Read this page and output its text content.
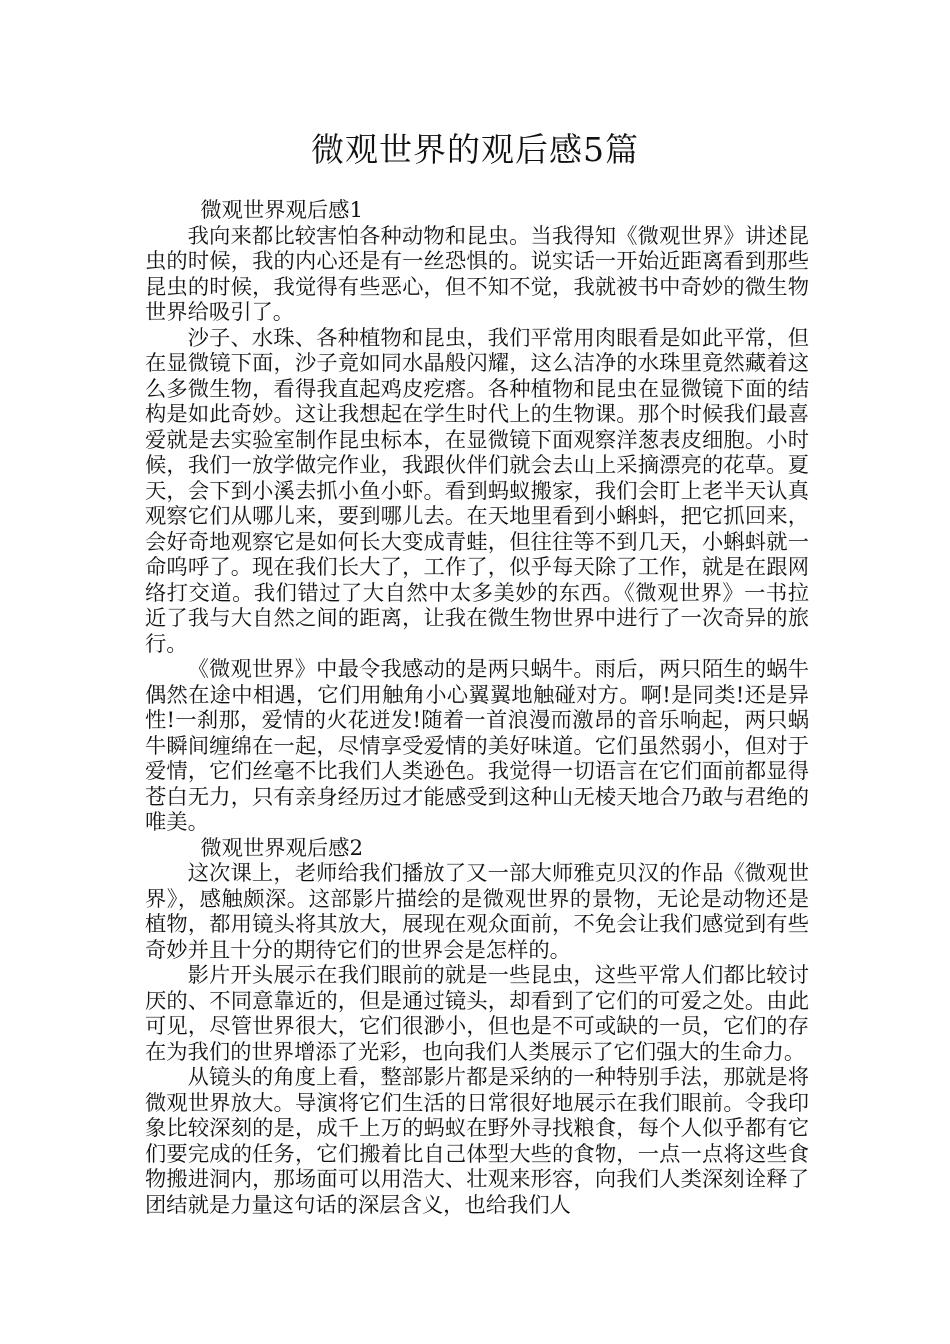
微观世界的观后感5篇

微观世界观后感1

我向来都比较害怕各种动物和昆虫。当我得知《微观世界》讲述昆虫的时候，我的内心还是有一丝恐惧的。说实话一开始近距离看到那些昆虫的时候，我觉得有些恶心，但不知不觉，我就被书中奇妙的微生物世界给吸引了。

沙子、水珠、各种植物和昆虫，我们平常用肉眼看是如此平常，但在显微镜下面，沙子竟如同水晶般闪耀，这么洁净的水珠里竟然藏着这么多微生物，看得我直起鸡皮疙瘩。各种植物和昆虫在显微镜下面的结构是如此奇妙。这让我想起在学生时代上的生物课。那个时候我们最喜爱就是去实验室制作昆虫标本，在显微镜下面观察洋葱表皮细胞。小时候，我们一放学做完作业，我跟伙伴们就会去山上采摘漂亮的花草。夏天，会下到小溪去抓小鱼小虾。看到蚂蚁搬家，我们会盯上老半天认真观察它们从哪儿来，要到哪儿去。在天地里看到小蝌蚪，把它抓回来，会好奇地观察它是如何长大变成青蛙，但往往等不到几天，小蝌蚪就一命呜呼了。现在我们长大了，工作了，似乎每天除了工作，就是在跟网络打交道。我们错过了大自然中太多美妙的东西。《微观世界》一书拉近了我与大自然之间的距离，让我在微生物世界中进行了一次奇异的旅行。

《微观世界》中最令我感动的是两只蜗牛。雨后，两只陌生的蜗牛偶然在途中相遇，它们用触角小心翼翼地触碰对方。啊!是同类!还是异性!一刹那，爱情的火花迸发!随着一首浪漫而激昂的音乐响起，两只蜗牛瞬间缠绵在一起，尽情享受爱情的美好味道。它们虽然弱小，但对于爱情，它们丝毫不比我们人类逊色。我觉得一切语言在它们面前都显得苍白无力，只有亲身经历过才能感受到这种山无棱天地合乃敢与君绝的唯美。

微观世界观后感2

这次课上，老师给我们播放了又一部大师雅克贝汉的作品《微观世界》，感触颇深。这部影片描绘的是微观世界的景物，无论是动物还是植物，都用镜头将其放大，展现在观众面前，不免会让我们感觉到有些奇妙并且十分的期待它们的世界会是怎样的。

影片开头展示在我们眼前的就是一些昆虫，这些平常人们都比较讨厌的、不同意靠近的，但是通过镜头，却看到了它们的可爱之处。由此可见，尽管世界很大，它们很渺小，但也是不可或缺的一员，它们的存在为我们的世界增添了光彩，也向我们人类展示了它们强大的生命力。

从镜头的角度上看，整部影片都是采纳的一种特别手法，那就是将微观世界放大。导演将它们生活的日常很好地展示在我们眼前。令我印象比较深刻的是，成千上万的蚂蚁在野外寻找粮食，每个人似乎都有它们要完成的任务，它们搬着比自己体型大些的食物，一点一点将这些食物搬进洞内，那场面可以用浩大、壮观来形容，向我们人类深刻诠释了团结就是力量这句话的深层含义，也给我们人
